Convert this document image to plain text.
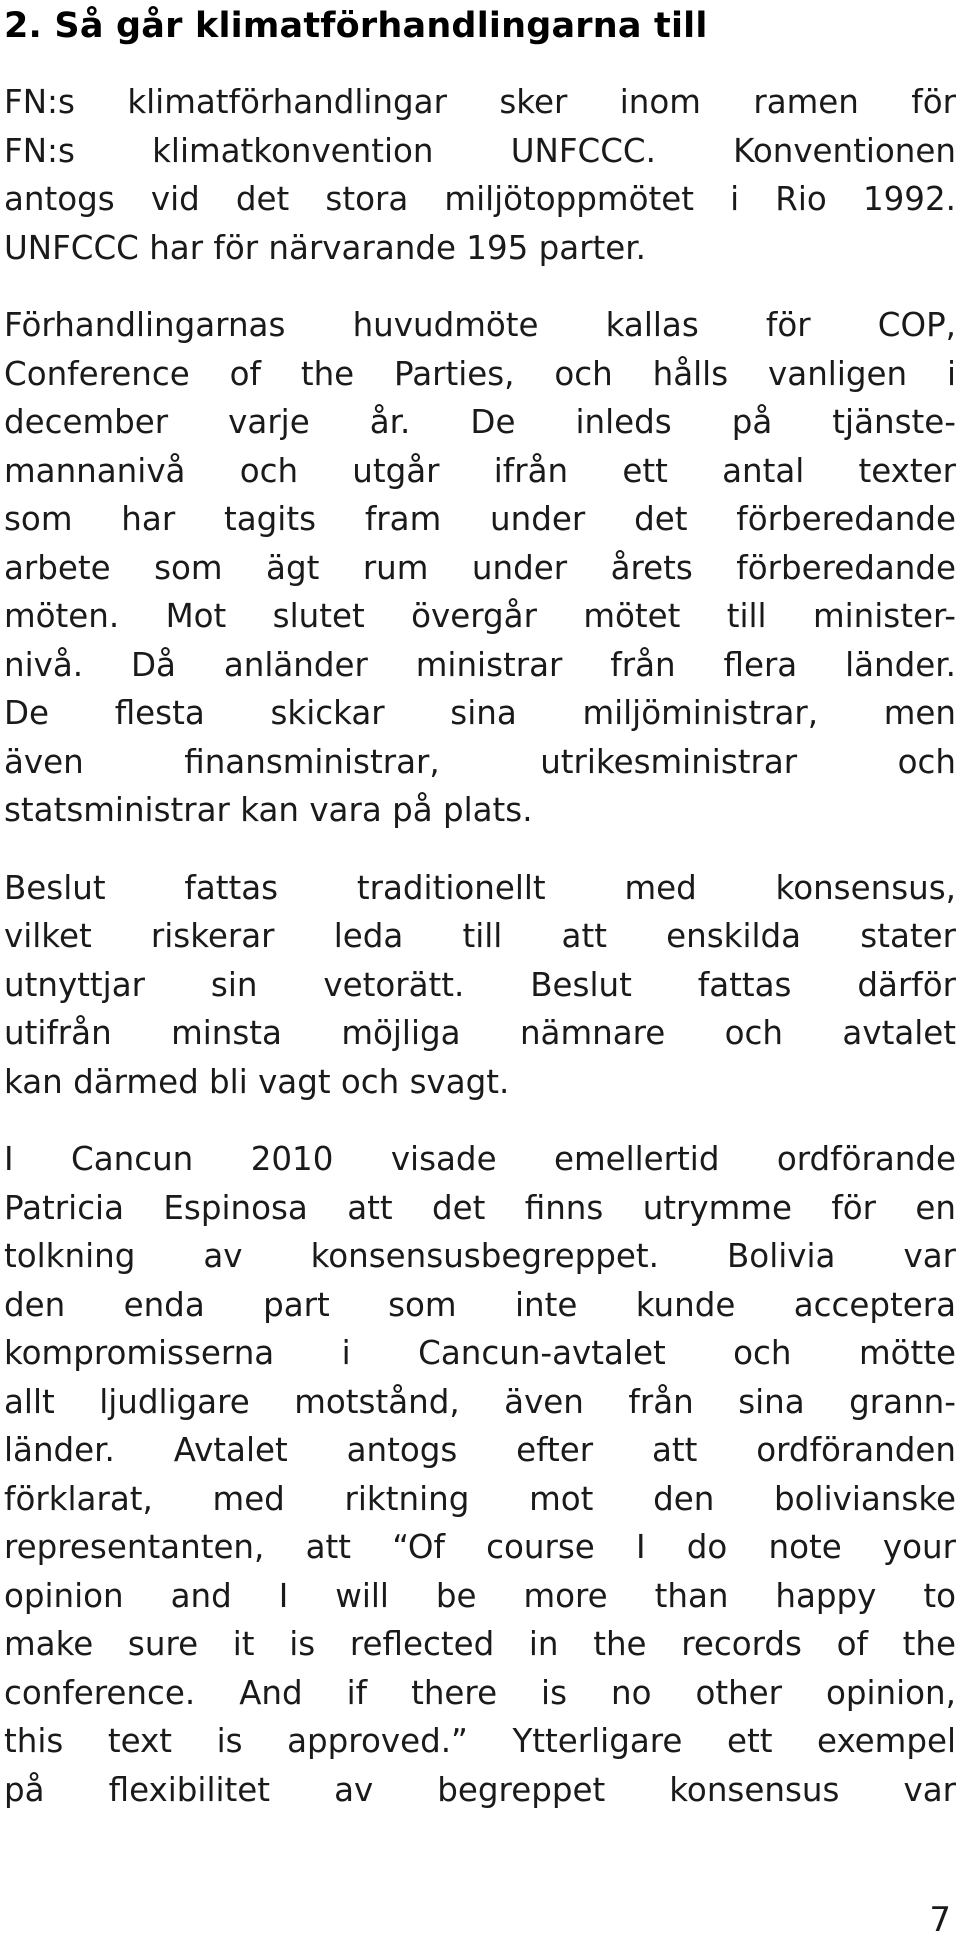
2. Så går klimatförhandlingarna till
FN:s klimatförhandlingar sker inom ramen för
FN:s klimatkonvention UNFCCC. Konventionen
antogs vid det stora miljötoppmötet i Rio 1992.
UNFCCC har för närvarande 195 parter.
Förhandlingarnas huvudmöte kallas för COP,
Conference of the Parties, och hålls vanligen i
december varje år. De inleds på tjänste-
mannanivå och utgår ifrån ett antal texter
som har tagits fram under det förberedande
arbete som ägt rum under årets förberedande
möten. Mot slutet övergår mötet till minister-
nivå. Då anländer ministrar från flera länder.
De flesta skickar sina miljöministrar, men
även finansministrar, utrikesministrar och
statsministrar kan vara på plats.
Beslut fattas traditionellt med konsensus,
vilket riskerar leda till att enskilda stater
utnyttjar sin vetorätt. Beslut fattas därför
utifrån minsta möjliga nämnare och avtalet
kan därmed bli vagt och svagt.
I Cancun 2010 visade emellertid ordförande
Patricia Espinosa att det finns utrymme för en
tolkning av konsensusbegreppet. Bolivia var
den enda part som inte kunde acceptera
kompromisserna i Cancun-avtalet och mötte
allt ljudligare motstånd, även från sina grann-
länder. Avtalet antogs efter att ordföranden
förklarat, med riktning mot den bolivianske
representanten, att “Of course I do note your
opinion and I will be more than happy to
make sure it is reflected in the records of the
conference. And if there is no other opinion,
this text is approved.” Ytterligare ett exempel
på flexibilitet av begreppet konsensus var
7
